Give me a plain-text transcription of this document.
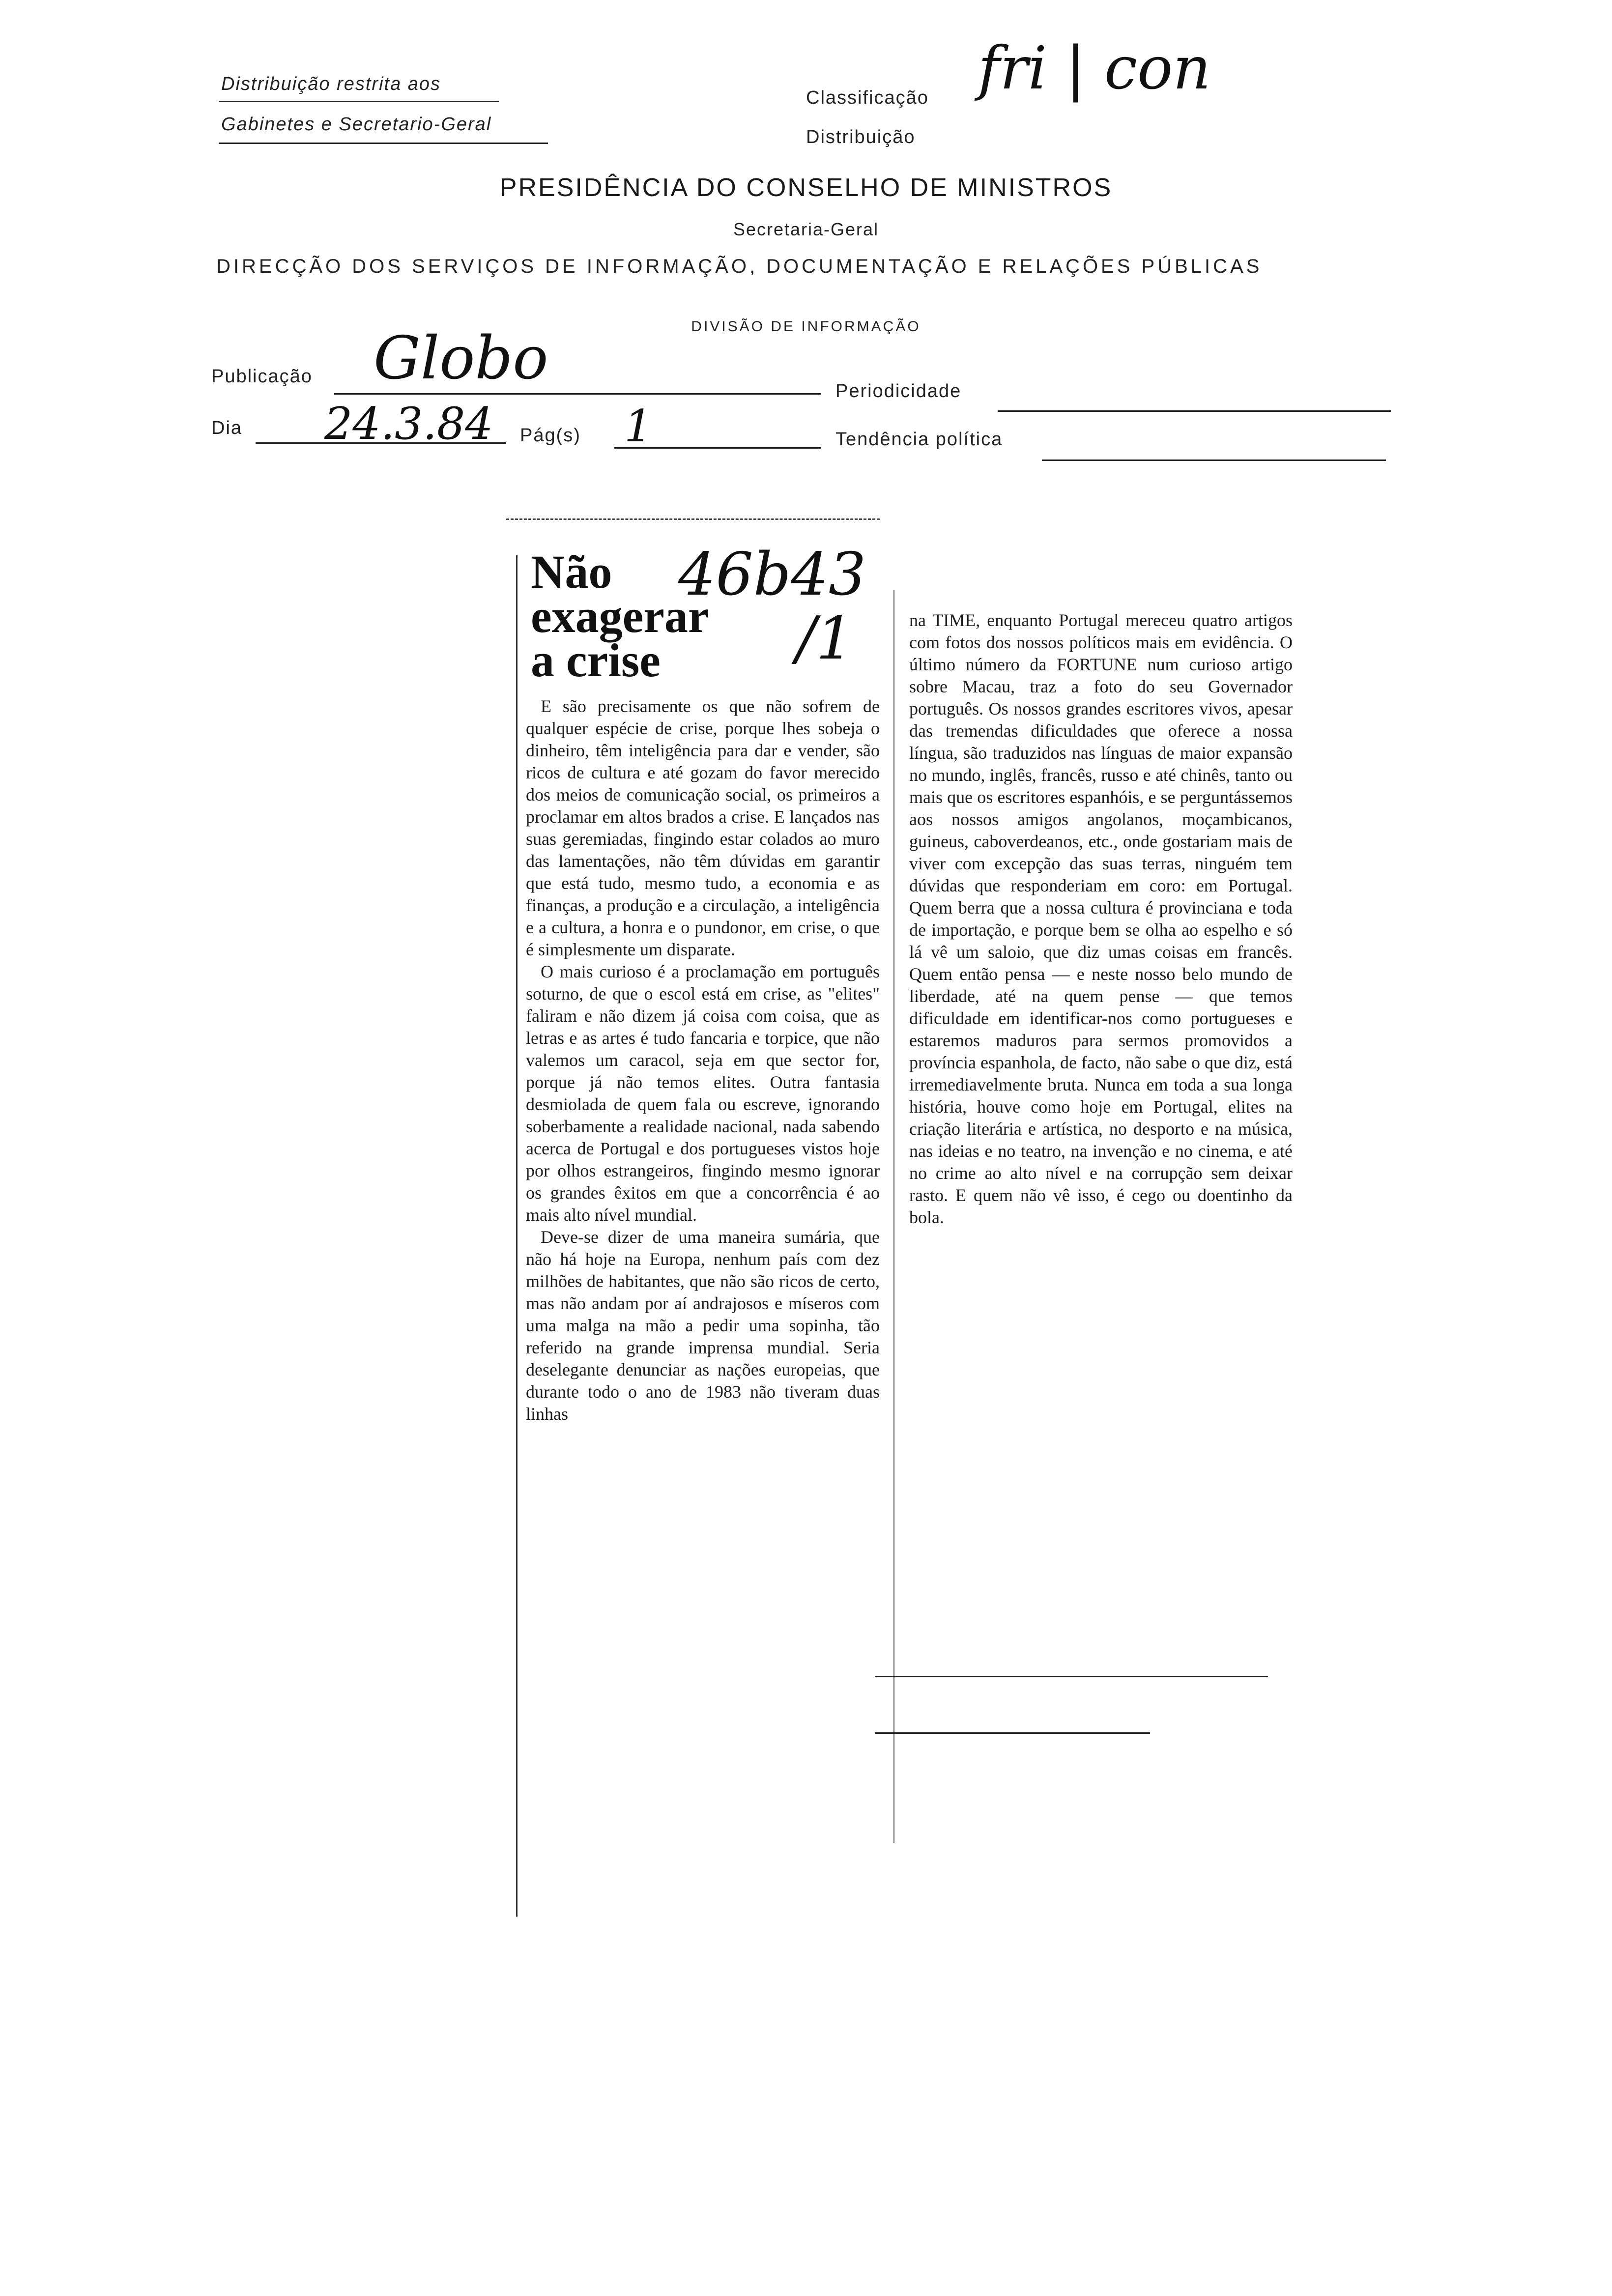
Distribuição restrita aos
Gabinetes e Secretario-Geral
Classificação
Distribuição
fri | con
PRESIDÊNCIA DO CONSELHO DE MINISTROS
Secretaria-Geral
DIRECÇÃO DOS SERVIÇOS DE INFORMAÇÃO, DOCUMENTAÇÃO E RELAÇÕES PÚBLICAS
DIVISÃO DE INFORMAÇÃO
Publicação Globo	Periodicidade
Dia 24.3.84 Pág(s) 1	Tendência política
Não
exagerar
a crise
46b43
/1

E são precisamente os que não sofrem de qualquer espécie de crise, porque lhes sobeja o dinheiro, têm inteligência para dar e vender, são ricos de cultura e até gozam do favor merecido dos meios de comunicação social, os primeiros a proclamar em altos brados a crise. E lançados nas suas geremiadas, fingindo estar colados ao muro das lamentações, não têm dúvidas em garantir que está tudo, mesmo tudo, a economia e as finanças, a produção e a circulação, a inteligência e a cultura, a honra e o pundonor, em crise, o que é simplesmente um disparate.

O mais curioso é a proclamação em português soturno, de que o escol está em crise, as "elites" faliram e não dizem já coisa com coisa, que as letras e as artes é tudo fancaria e torpice, que não valemos um caracol, seja em que sector for, porque já não temos elites. Outra fantasia desmiolada de quem fala ou escreve, ignorando soberbamente a realidade nacional, nada sabendo acerca de Portugal e dos portugueses vistos hoje por olhos estrangeiros, fingindo mesmo ignorar os grandes êxitos em que a concorrência é ao mais alto nível mundial.

Deve-se dizer de uma maneira sumária, que não há hoje na Europa, nenhum país com dez milhões de habitantes, que não são ricos de certo, mas não andam por aí andrajosos e míseros com uma malga na mão a pedir uma sopinha, tão referido na grande imprensa mundial. Seria deselegante denunciar as nações europeias, que durante todo o ano de 1983 não tiveram duas linhas

na TIME, enquanto Portugal mereceu quatro artigos com fotos dos nossos políticos mais em evidência. O último número da FORTUNE num curioso artigo sobre Macau, traz a foto do seu Governador português. Os nossos grandes escritores vivos, apesar das tremendas dificuldades que oferece a nossa língua, são traduzidos nas línguas de maior expansão no mundo, inglês, francês, russo e até chinês, tanto ou mais que os escritores espanhóis, e se perguntássemos aos nossos amigos angolanos, moçambicanos, guineus, caboverdeanos, etc., onde gostariam mais de viver com excepção das suas terras, ninguém tem dúvidas que responderiam em coro: em Portugal. Quem berra que a nossa cultura é provinciana e toda de importação, e porque bem se olha ao espelho e só lá vê um saloio, que diz umas coisas em francês. Quem então pensa — e neste nosso belo mundo de liberdade, até na quem pense — que temos dificuldade em identificar-nos como portugueses e estaremos maduros para sermos promovidos a província espanhola, de facto, não sabe o que diz, está irremediavelmente bruta. Nunca em toda a sua longa história, houve como hoje em Portugal, elites na criação literária e artística, no desporto e na música, nas ideias e no teatro, na invenção e no cinema, e até no crime ao alto nível e na corrupção sem deixar rasto. E quem não vê isso, é cego ou doentinho da bola.
